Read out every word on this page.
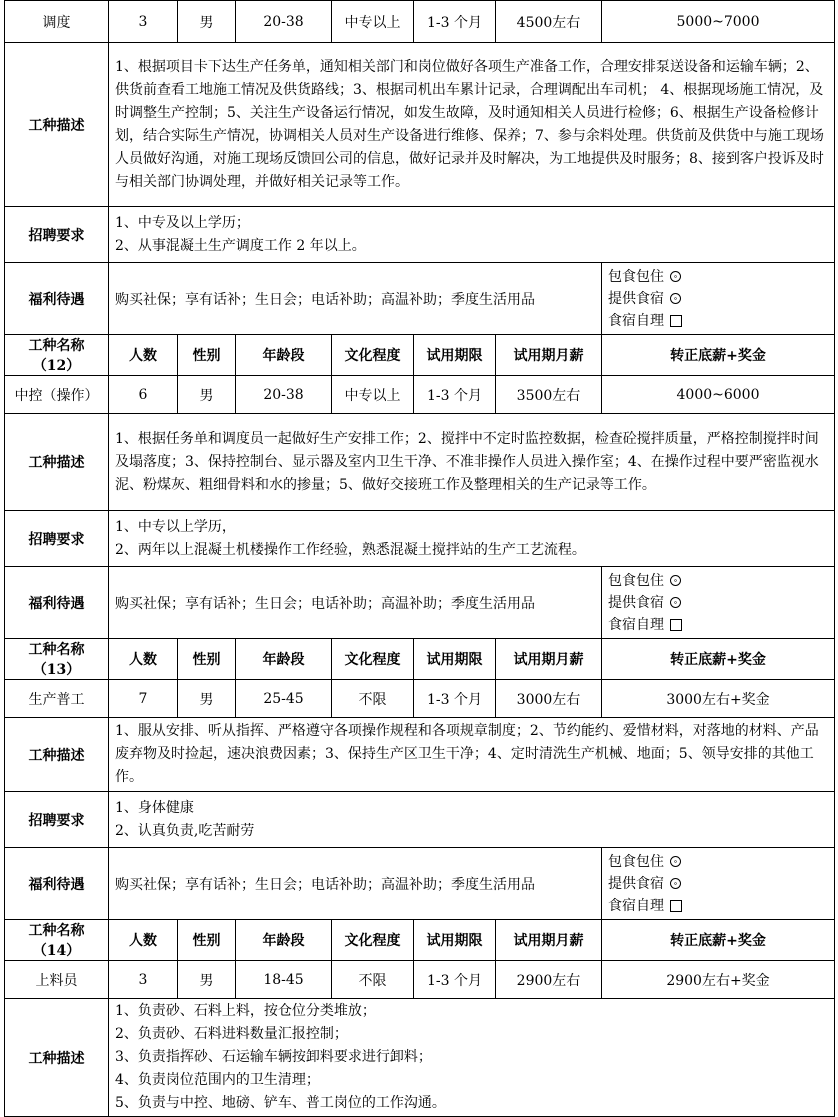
调度	3	男	20-38	中专以上	1-3 个月	4500左右	5000~7000
工种描述	1、根据项目卡下达生产任务单，通知相关部门和岗位做好各项生产准备工作，合理安排泵送设备和运输车辆；2、供货前查看工地施工情况及供货路线；3、根据司机出车累计记录，合理调配出车司机； 4、根据现场施工情况，及时调整生产控制；5、关注生产设备运行情况，如发生故障，及时通知相关人员进行检修；6、根据生产设备检修计划，结合实际生产情况，协调相关人员对生产设备进行维修、保养；7、参与余料处理。供货前及供货中与施工现场人员做好沟通，对施工现场反馈回公司的信息，做好记录并及时解决，为工地提供及时服务；8、接到客户投诉及时与相关部门协调处理，并做好相关记录等工作。						
招聘要求	1、中专及以上学历；
2、从事混凝土生产调度工作 2 年以上。						

福利待遇	购买社保；享有话补；生日会；电话补助；高温补助；季度生活用品						包食包住
提供食宿
食宿自理

工种名称（12）	人数	性别	年龄段	文化程度	试用期限	试用期月薪	转正底薪+奖金
中控（操作）	6	男	20-38	中专以上	1-3 个月	3500左右	4000~6000
工种描述	1、根据任务单和调度员一起做好生产安排工作；2、搅拌中不定时监控数据，检查砼搅拌质量，严格控制搅拌时间及塌落度；3、保持控制台、显示器及室内卫生干净、不准非操作人员进入操作室；4、在操作过程中要严密监视水泥、粉煤灰、粗细骨料和水的掺量；5、做好交接班工作及整理相关的生产记录等工作。						
招聘要求	1、中专以上学历，
2、两年以上混凝土机楼操作工作经验，熟悉混凝土搅拌站的生产工艺流程。						

福利待遇	购买社保；享有话补；生日会；电话补助；高温补助；季度生活用品						包食包住
提供食宿
食宿自理

工种名称（13）	人数	性别	年龄段	文化程度	试用期限	试用期月薪	转正底薪+奖金
生产普工	7	男	25-45	不限	1-3 个月	3000左右	3000左右+奖金
工种描述	1、服从安排、听从指挥、严格遵守各项操作规程和各项规章制度；2、节约能约、爱惜材料，对落地的材料、产品废弃物及时捡起，速决浪费因素；3、保持生产区卫生干净；4、定时清洗生产机械、地面；5、领导安排的其他工作。						
招聘要求	1、身体健康
2、认真负责,吃苦耐劳						

福利待遇	购买社保；享有话补；生日会；电话补助；高温补助；季度生活用品						包食包住
提供食宿
食宿自理

工种名称（14）	人数	性别	年龄段	文化程度	试用期限	试用期月薪	转正底薪+奖金
上料员	3	男	18-45	不限	1-3 个月	2900左右	2900左右+奖金
工种描述	1、负责砂、石料上料，按仓位分类堆放；
2、负责砂、石料进料数量汇报控制；
3、负责指挥砂、石运输车辆按卸料要求进行卸料；
4、负责岗位范围内的卫生清理；
5、负责与中控、地磅、铲车、普工岗位的工作沟通。						
